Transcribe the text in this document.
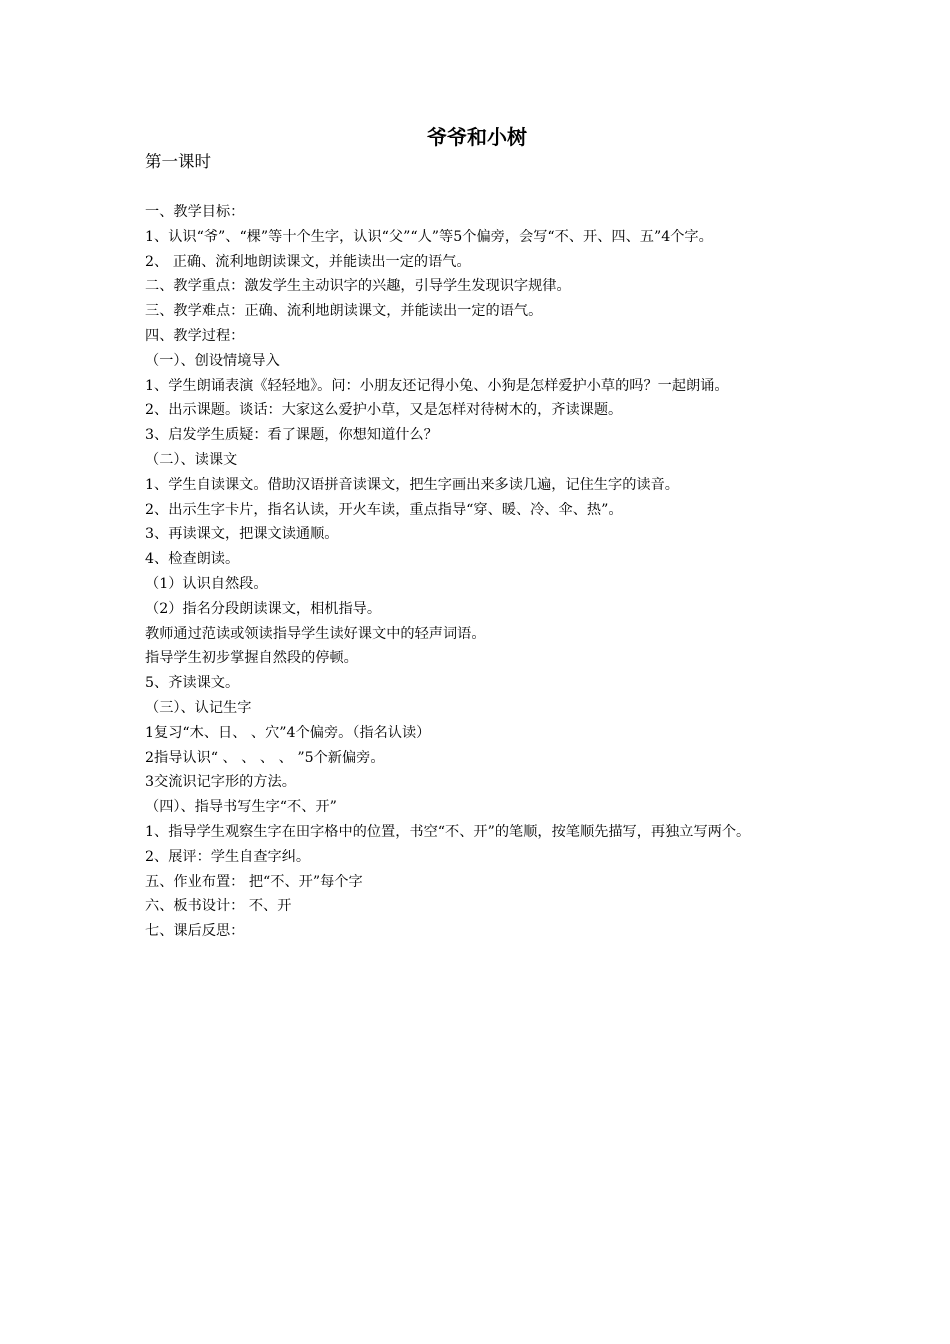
爷爷和小树
第一课时
一、教学目标：
1、认识“爷”、“棵”等十个生字，认识“父”“人”等5个偏旁，会写“不、开、四、五”4个字。
2、 正确、流利地朗读课文，并能读出一定的语气。
二、教学重点：激发学生主动识字的兴趣，引导学生发现识字规律。
三、教学难点：正确、流利地朗读课文，并能读出一定的语气。
四、教学过程：
（一）、创设情境导入
1、学生朗诵表演《轻轻地》。问：小朋友还记得小兔、小狗是怎样爱护小草的吗？一起朗诵。
2、出示课题。谈话：大家这么爱护小草，又是怎样对待树木的，齐读课题。
3、启发学生质疑：看了课题，你想知道什么？
（二）、读课文
1、学生自读课文。借助汉语拼音读课文，把生字画出来多读几遍，记住生字的读音。
2、出示生字卡片，指名认读，开火车读，重点指导“穿、暖、冷、伞、热”。
3、再读课文，把课文读通顺。
4、检查朗读。
（1）认识自然段。
（2）指名分段朗读课文，相机指导。
教师通过范读或领读指导学生读好课文中的轻声词语。
指导学生初步掌握自然段的停顿。
5、齐读课文。
（三）、认记生字
1复习“木、日、 、穴”4个偏旁。（指名认读）
2指导认识“ 、 、 、 、 ”5个新偏旁。
3交流识记字形的方法。
（四）、指导书写生字“不、开”
1、指导学生观察生字在田字格中的位置，书空“不、开”的笔顺，按笔顺先描写，再独立写两个。
2、展评：学生自查字纠。
五、作业布置： 把“不、开”每个字
六、板书设计： 不、开
七、课后反思：
